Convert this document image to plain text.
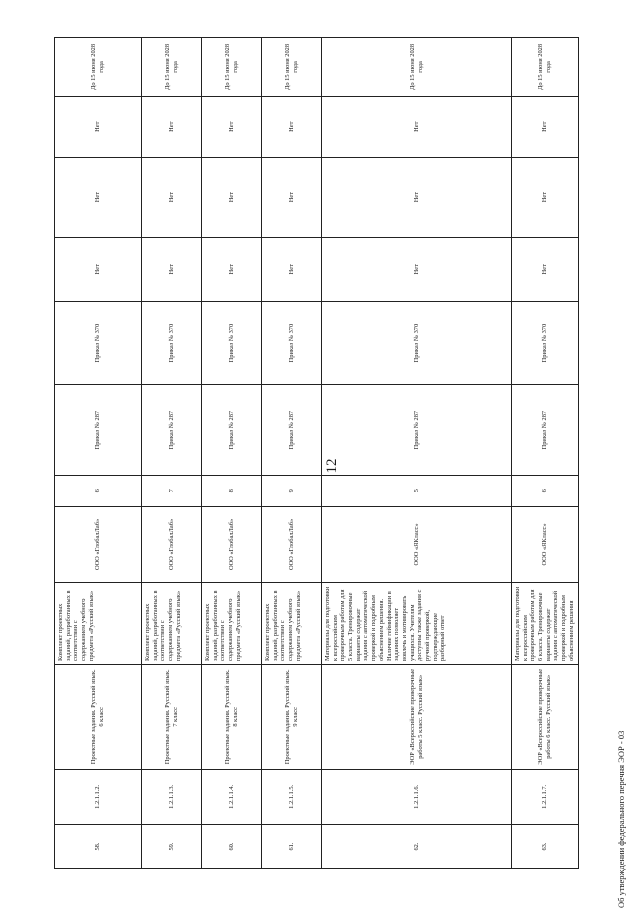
12
58.
1.2.1.1.2.
Проектные задания. Русский язык. 6 класс
Комплект проектных заданий, разработанных в соответствии с содержанием учебного предмета «Русский язык»
ООО «ГлобалЛаб»
6
Приказ № 287
Приказ № 370
Нет
Нет
Нет
До 15 июня 2028 года
59.
1.2.1.1.3.
Проектные задания. Русский язык. 7 класс
Комплект проектных заданий, разработанных в соответствии с содержанием учебного предмета «Русский язык»
ООО «ГлобалЛаб»
7
Приказ № 287
Приказ № 370
Нет
Нет
Нет
До 15 июня 2028 года
60.
1.2.1.1.4.
Проектные задания. Русский язык. 8 класс
Комплект проектных заданий, разработанных в соответствии с содержанием учебного предмета «Русский язык»
ООО «ГлобалЛаб»
8
Приказ № 287
Приказ № 370
Нет
Нет
Нет
До 15 июня 2028 года
61.
1.2.1.1.5.
Проектные задания. Русский язык. 9 класс
Комплект проектных заданий, разработанных в соответствии с содержанием учебного предмета «Русский язык»
ООО «ГлобалЛаб»
9
Приказ № 287
Приказ № 370
Нет
Нет
Нет
До 15 июня 2028 года
62.
1.2.1.1.6.
ЭОР «Всероссийские проверочные работы 5 класс. Русский язык»
Материалы для подготовки к всероссийским проверочным работам для 5 класса. Тренировочные варианты содержат задания с автоматической проверкой и подробным объяснением решения. Наличие геймификации в заданиях позволяет вовлечь и мотивировать учащихся. Учителям доступны также задания с ручной проверкой, подтверждающие разборный ответ
ООО «ЯКласс»
5
Приказ № 287
Приказ № 370
Нет
Нет
Нет
До 15 июня 2028 года
63.
1.2.1.1.7.
ЭОР «Всероссийские проверочные работы 6 класс. Русский язык»
Материалы для подготовки к всероссийским проверочным работам для 6 класса. Тренировочные варианты содержат задания с автоматической проверкой и подробным объяснением решения
ООО «ЯКласс»
6
Приказ № 287
Приказ № 370
Нет
Нет
Нет
До 15 июня 2028 года
Об утверждении федерального перечня ЭОР - 03
